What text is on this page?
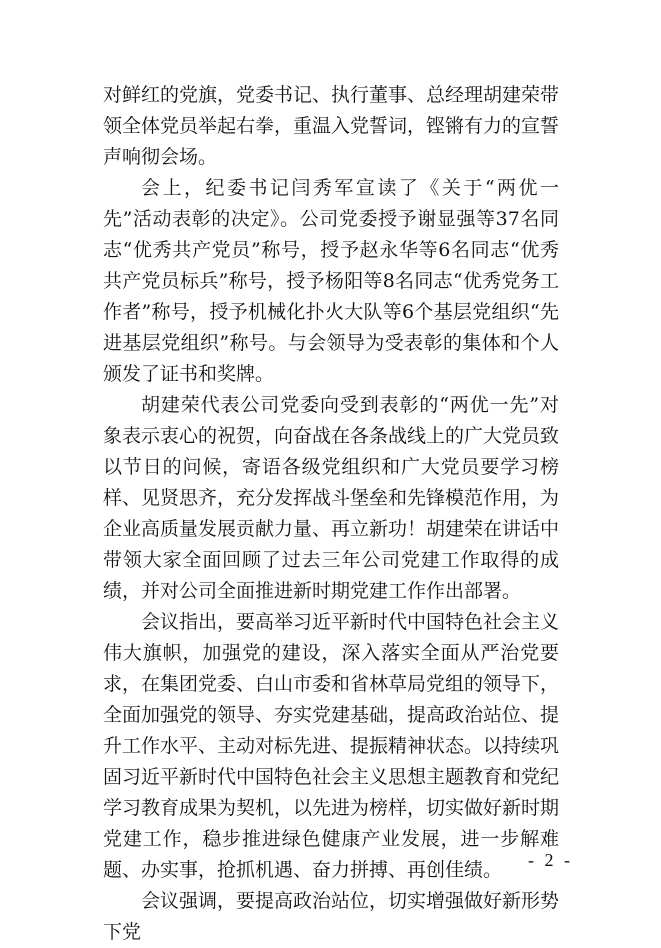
对鲜红的党旗，党委书记、执行董事、总经理胡建荣带领全体党员举起右拳，重温入党誓词，铿锵有力的宣誓声响彻会场。

会上，纪委书记闫秀军宣读了《关于“两优一先”活动表彰的决定》。公司党委授予谢显强等37名同志“优秀共产党员”称号，授予赵永华等6名同志“优秀共产党员标兵”称号，授予杨阳等8名同志“优秀党务工作者”称号，授予机械化扑火大队等6个基层党组织“先进基层党组织”称号。与会领导为受表彰的集体和个人颁发了证书和奖牌。

胡建荣代表公司党委向受到表彰的“两优一先”对象表示衷心的祝贺，向奋战在各条战线上的广大党员致以节日的问候，寄语各级党组织和广大党员要学习榜样、见贤思齐，充分发挥战斗堡垒和先锋模范作用，为企业高质量发展贡献力量、再立新功！胡建荣在讲话中带领大家全面回顾了过去三年公司党建工作取得的成绩，并对公司全面推进新时期党建工作作出部署。

会议指出，要高举习近平新时代中国特色社会主义伟大旗帜，加强党的建设，深入落实全面从严治党要求，在集团党委、白山市委和省林草局党组的领导下，全面加强党的领导、夯实党建基础，提高政治站位、提升工作水平、主动对标先进、提振精神状态。以持续巩固习近平新时代中国特色社会主义思想主题教育和党纪学习教育成果为契机，以先进为榜样，切实做好新时期党建工作，稳步推进绿色健康产业发展，进一步解难题、办实事，抢抓机遇、奋力拼搏、再创佳绩。

会议强调，要提高政治站位，切实增强做好新形势下党

- 2 -
